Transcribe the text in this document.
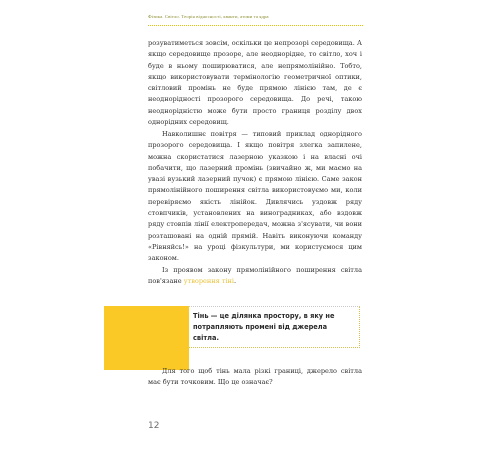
Фізика. Світло. Теорія відносності, кванти, атоми та ядра

розуватиметься зовсім, оскільки це непрозорі середовища. А якщо середовище прозоре, але неоднорідне, то світло, хоч і буде в ньому поширюватися, але непрямолінійно. Тобто, якщо використовувати термінологію геометричної оптики, світловий промінь не буде прямою лінією там, де є неоднорідності прозорого середовища. До речі, такою неоднорідністю може бути просто границя розділу двох однорідних середовищ.

Навколишнє повітря — типовий приклад однорідного прозорого середовища. І якщо повітря злегка запилене, можна скористатися лазерною указкою і на власні очі побачити, що лазерний промінь (звичайно ж, ми маємо на увазі вузький лазерний пучок) є прямою лінією. Саме закон прямолінійного поширення світла використовуємо ми, коли перевіряємо якість лінійок. Дивлячись уздовж ряду стовпчиків, установлених на виноградниках, або вздовж ряду стовпів лінії електропередач, можна з'ясувати, чи вони розташовані на одній прямій. Навіть виконуючи команду «Рівняйсь!» на уроці фізкультури, ми користуємося цим законом.

Із проявом закону прямолінійного поширення світла пов'язане утворення тіні.

Тінь — це ділянка простору, в яку не потрапляють промені від джерела світла.

Для того щоб тінь мала різкі границі, джерело світла має бути точковим. Що це означає?

12
